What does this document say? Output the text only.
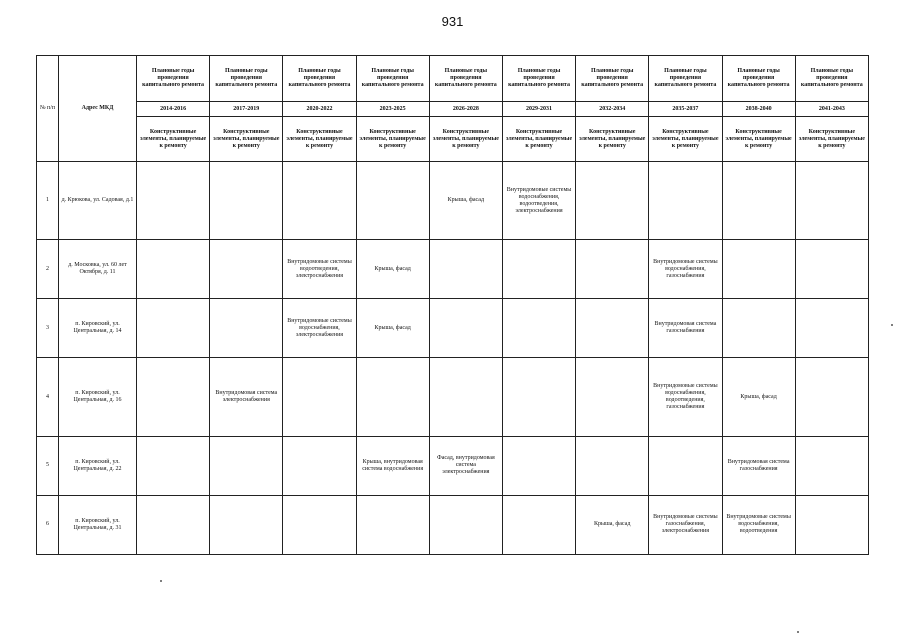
931
№ п/п	Адрес МКД	Плановые годы проведения капитального ремонта	Плановые годы проведения капитального ремонта	Плановые годы проведения капитального ремонта	Плановые годы проведения капитального ремонта	Плановые годы проведения капитального ремонта	Плановые годы проведения капитального ремонта	Плановые годы проведения капитального ремонта	Плановые годы проведения капитального ремонта	Плановые годы проведения капитального ремонта	Плановые годы проведения капитального ремонта
		2014-2016	2017-2019	2020-2022	2023-2025	2026-2028	2029-2031	2032-2034	2035-2037	2038-2040	2041-2043
		Конструктивные элементы, планируемые к ремонту	Конструктивные элементы, планируемые к ремонту	Конструктивные элементы, планируемые к ремонту	Конструктивные элементы, планируемые к ремонту	Конструктивные элементы, планируемые к ремонту	Конструктивные элементы, планируемые к ремонту	Конструктивные элементы, планируемые к ремонту	Конструктивные элементы, планируемые к ремонту	Конструктивные элементы, планируемые к ремонту	Конструктивные элементы, планируемые к ремонту
1	д. Крюкова, ул. Садовая, д.1					Крыша, фасад	Внутридомовые системы водоснабжения, водоотведения, электроснабжения				
2	д. Московка, ул. 60 лет Октября, д. 11			Внутридомовые системы водоотведения, электроснабжения	Крыша, фасад				Внутридомовые системы водоснабжения, газоснабжения		
3	п. Кировский, ул. Центральная, д. 14			Внутридомовые системы водоснабжения, электроснабжения	Крыша, фасад				Внутридомовая система газоснабжения		
4	п. Кировский, ул. Центральная, д. 16		Внутридомовая система электроснабжения						Внутридомовые системы водоснабжения, водоотведения, газоснабжения	Крыша, фасад	
5	п. Кировский, ул. Центральная, д. 22				Крыша, внутридомовая система водоснабжения	Фасад, внутридомовая система электроснабжения				Внутридомовая система газоснабжения	
6	п. Кировский, ул. Центральная, д. 31							Крыша, фасад	Внутридомовые системы газоснабжения, электроснабжения	Внутридомовые системы водоснабжения, водоотведения	
